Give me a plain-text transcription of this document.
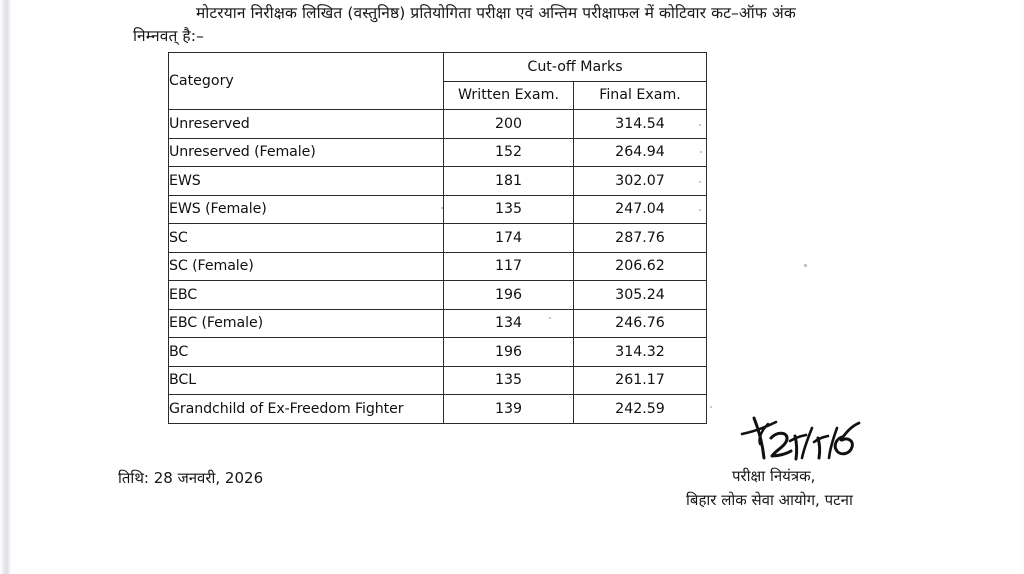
मोटरयान निरीक्षक लिखित (वस्तुनिष्ठ) प्रतियोगिता परीक्षा एवं अन्तिम परीक्षाफल में कोटिवार कट–ऑफ अंक
निम्नवत् है:–
Category	Cut-off Marks	
	Written Exam.	Final Exam.
Unreserved	200	314.54
Unreserved (Female)	152	264.94
EWS	181	302.07
EWS (Female)	135	247.04
SC	174	287.76
SC (Female)	117	206.62
EBC	196	305.24
EBC (Female)	134	246.76
BC	196	314.32
BCL	135	261.17
Grandchild of Ex-Freedom Fighter	139	242.59
तिथि: 28 जनवरी, 2026	परीक्षा नियंत्रक,
बिहार लोक सेवा आयोग, पटना
